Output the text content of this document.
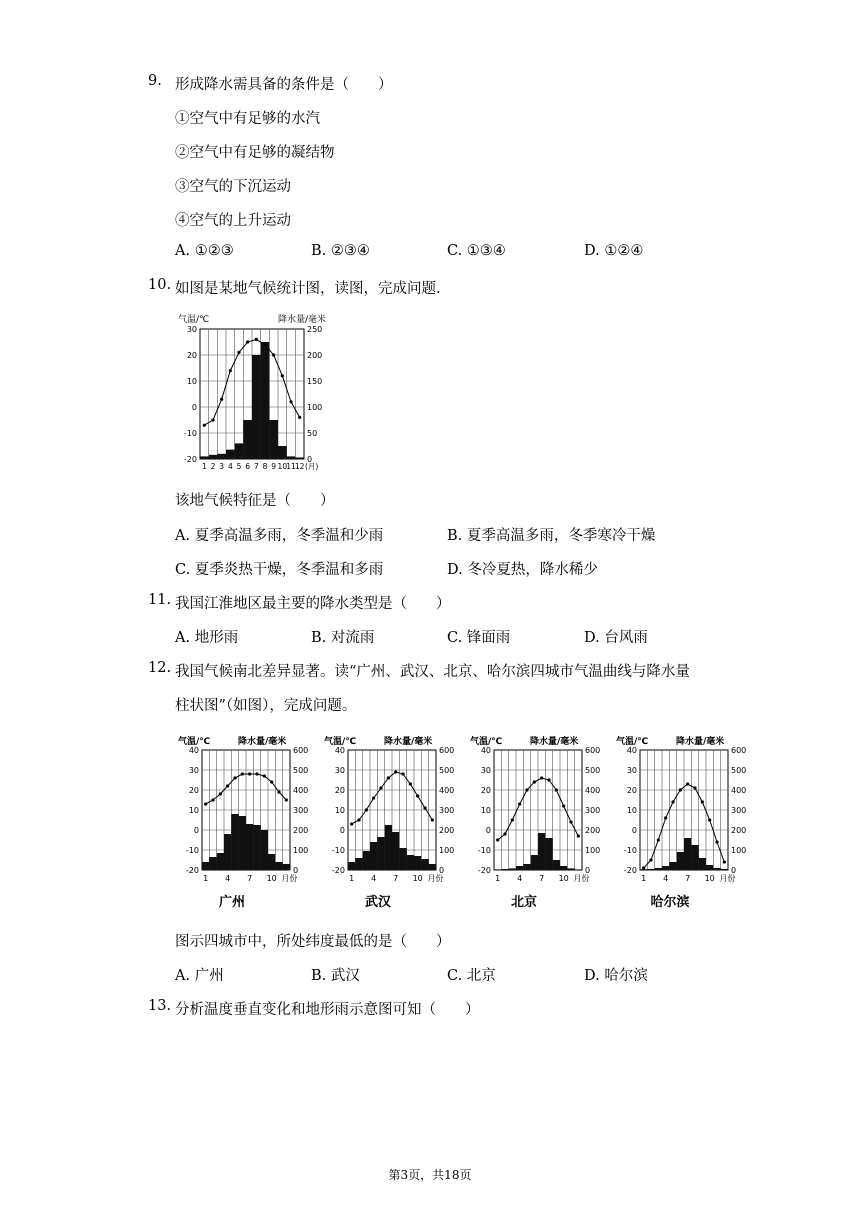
9. 形成降水需具备的条件是（　　）
①空气中有足够的水汽
②空气中有足够的凝结物
③空气的下沉运动
④空气的上升运动
A. ①②③	B. ②③④	C. ①③④	D. ①②④
10. 如图是某地气候统计图，读图，完成问题.
气温/℃	降水量/毫米
-20
-10
0
10
20
30
0
50
100
150
200
250
1 2 3 4 5 6 7 8 9 10 11 12 (月)
该地气候特征是（　　）
A. 夏季高温多雨，冬季温和少雨	B. 夏季高温多雨，冬季寒冷干燥
C. 夏季炎热干燥，冬季温和多雨	D. 冬冷夏热，降水稀少
11. 我国江淮地区最主要的降水类型是（　　）
A. 地形雨	B. 对流雨	C. 锋面雨	D. 台风雨
12. 我国气候南北差异显著。读“广州、武汉、北京、哈尔滨四城市气温曲线与降水量
柱状图”（如图），完成问题。
气温/℃	降水量/毫米
-20
-10
0
10
20
30
40
0
100
200
300
400
500
600
1 4 7 10 月份
广州
气温/℃	降水量/毫米
-20
-10
0
10
20
30
40
0
100
200
300
400
500
600
1 4 7 10 月份
武汉
气温/℃	降水量/毫米
-20
-10
0
10
20
30
40
0
100
200
300
400
500
600
1 4 7 10 月份
北京
气温/℃	降水量/毫米
-20
-10
0
10
20
30
40
0
100
200
300
400
500
600
1 4 7 10 月份
哈尔滨
图示四城市中，所处纬度最低的是（　　）
A. 广州	B. 武汉	C. 北京	D. 哈尔滨
13. 分析温度垂直变化和地形雨示意图可知（　　）
第3页，共18页
